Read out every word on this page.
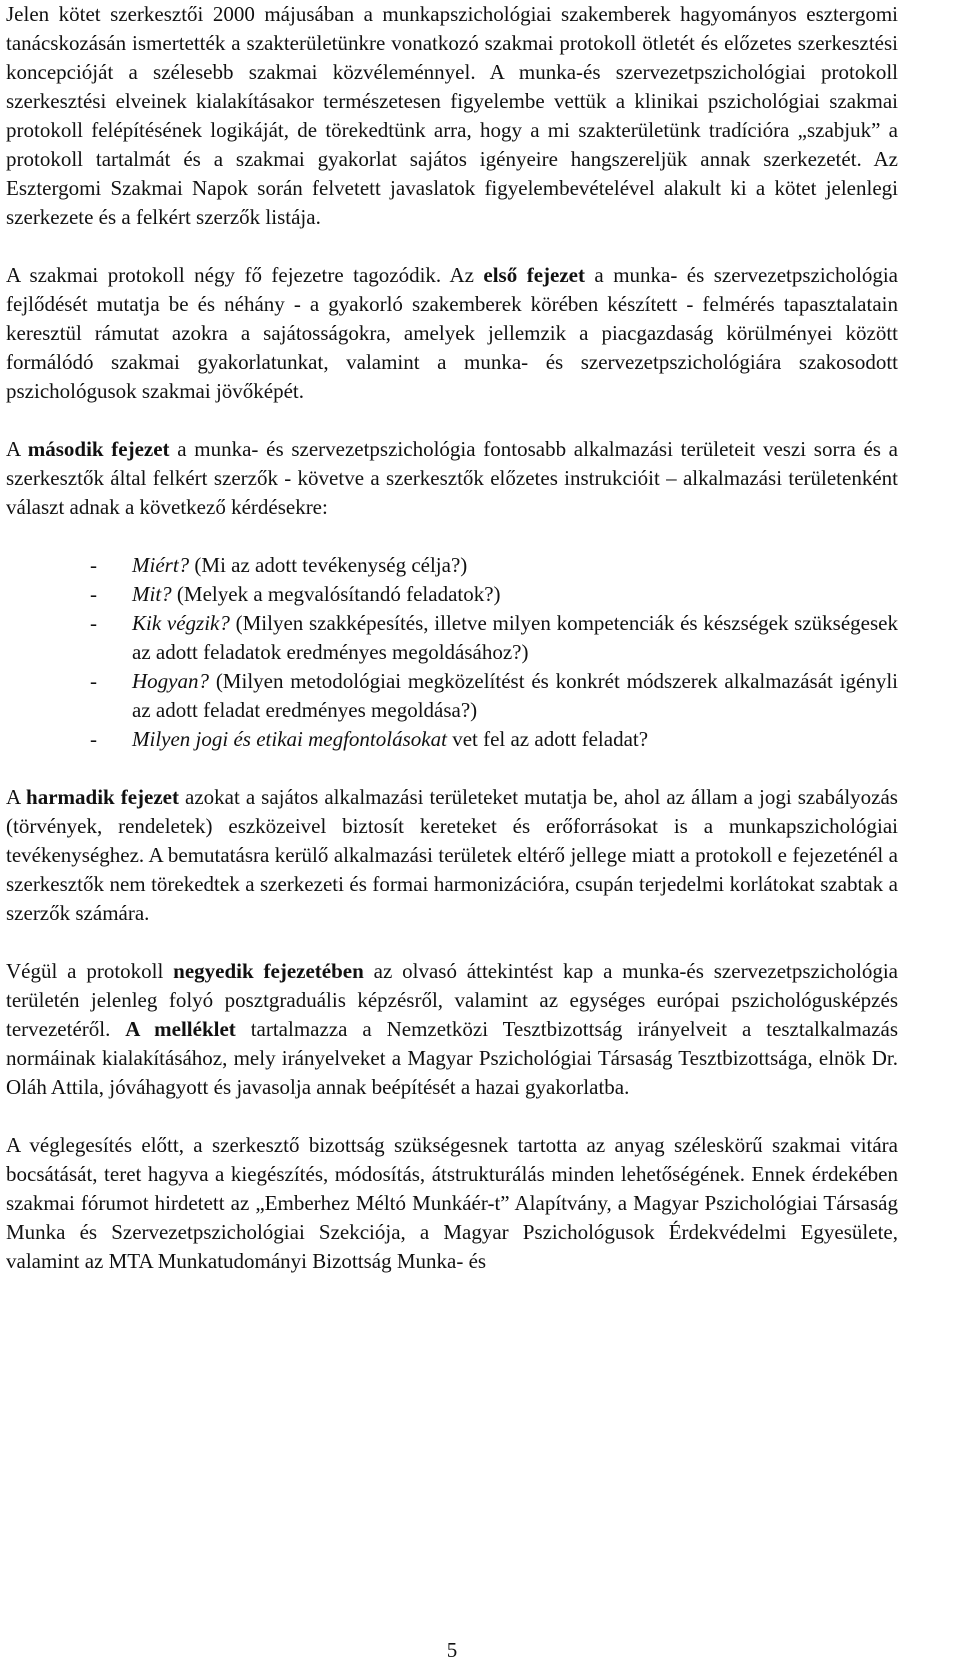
Jelen kötet szerkesztői 2000 májusában a munkapszichológiai szakemberek hagyományos esztergomi tanácskozásán ismertették a szakterületünkre vonatkozó szakmai protokoll ötletét és előzetes szerkesztési koncepcióját a szélesebb szakmai közvéleménnyel. A munka-és szervezetpszichológiai protokoll szerkesztési elveinek kialakításakor természetesen figyelembe vettük a klinikai pszichológiai szakmai protokoll felépítésének logikáját, de törekedtünk arra, hogy a mi szakterületünk tradícióra „szabjuk” a protokoll tartalmát és a szakmai gyakorlat sajátos igényeire hangszereljük annak szerkezetét. Az Esztergomi Szakmai Napok során felvetett javaslatok figyelembevételével alakult ki a kötet jelenlegi szerkezete és a felkért szerzők listája.

A szakmai protokoll négy fő fejezetre tagozódik. Az első fejezet a munka- és szervezetpszichológia fejlődését mutatja be és néhány - a gyakorló szakemberek körében készített - felmérés tapasztalatain keresztül rámutat azokra a sajátosságokra, amelyek jellemzik a piacgazdaság körülményei között formálódó szakmai gyakorlatunkat, valamint a munka- és szervezetpszichológiára szakosodott pszichológusok szakmai jövőképét.

A második fejezet a munka- és szervezetpszichológia fontosabb alkalmazási területeit veszi sorra és a szerkesztők által felkért szerzők - követve a szerkesztők előzetes instrukcióit – alkalmazási területenként választ adnak a következő kérdésekre:

- Miért? (Mi az adott tevékenység célja?)
- Mit? (Melyek a megvalósítandó feladatok?)
- Kik végzik? (Milyen szakképesítés, illetve milyen kompetenciák és készségek szükségesek az adott feladatok eredményes megoldásához?)
- Hogyan? (Milyen metodológiai megközelítést és konkrét módszerek alkalmazását igényli az adott feladat eredményes megoldása?)
- Milyen jogi és etikai megfontolásokat vet fel az adott feladat?

A harmadik fejezet azokat a sajátos alkalmazási területeket mutatja be, ahol az állam a jogi szabályozás (törvények, rendeletek) eszközeivel biztosít kereteket és erőforrásokat is a munkapszichológiai tevékenységhez. A bemutatásra kerülő alkalmazási területek eltérő jellege miatt a protokoll e fejezeténél a szerkesztők nem törekedtek a szerkezeti és formai harmonizációra, csupán terjedelmi korlátokat szabtak a szerzők számára.

Végül a protokoll negyedik fejezetében az olvasó áttekintést kap a munka-és szervezetpszichológia területén jelenleg folyó posztgraduális képzésről, valamint az egységes európai pszichológusképzés tervezetéről. A melléklet tartalmazza a Nemzetközi Tesztbizottság irányelveit a tesztalkalmazás normáinak kialakításához, mely irányelveket a Magyar Pszichológiai Társaság Tesztbizottsága, elnök Dr. Oláh Attila, jóváhagyott és javasolja annak beépítését a hazai gyakorlatba.

A véglegesítés előtt, a szerkesztő bizottság szükségesnek tartotta az anyag széleskörű szakmai vitára bocsátását, teret hagyva a kiegészítés, módosítás, átstrukturálás minden lehetőségének. Ennek érdekében szakmai fórumot hirdetett az „Emberhez Méltó Munkáér-t” Alapítvány, a Magyar Pszichológiai Társaság Munka és Szervezetpszichológiai Szekciója, a Magyar Pszichológusok Érdekvédelmi Egyesülete, valamint az MTA Munkatudományi Bizottság Munka- és

5
